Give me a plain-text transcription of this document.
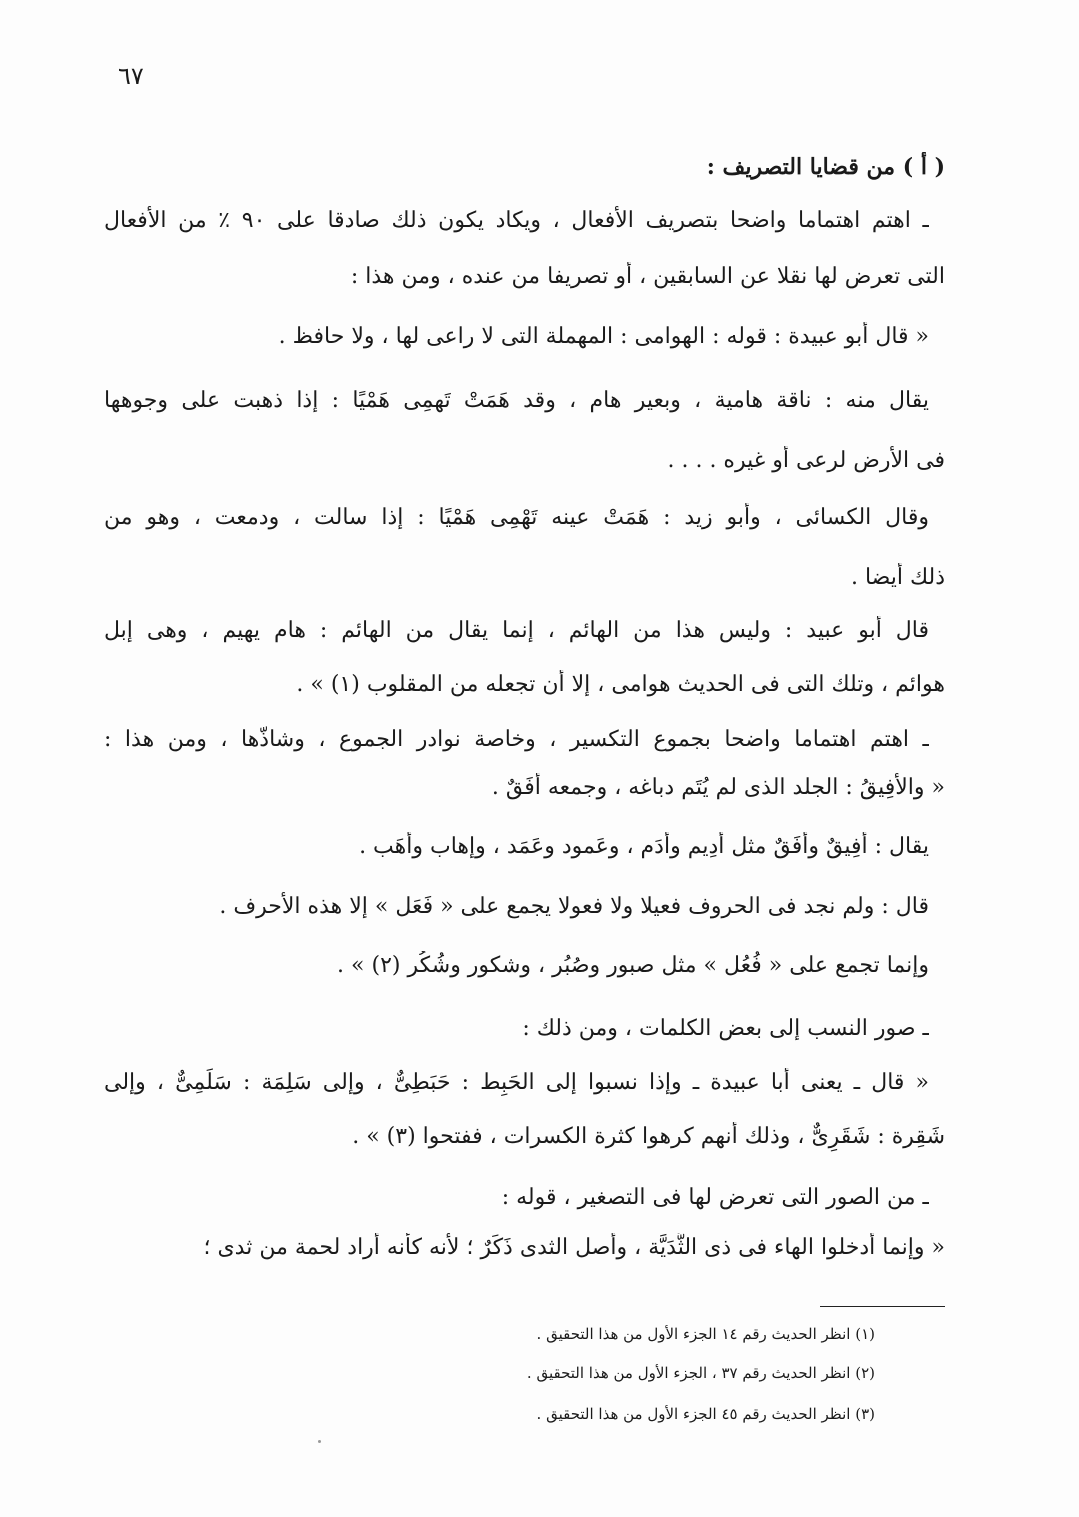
٦٧
( أ ) من قضايا التصريف :
ـ اهتم اهتماما واضحا بتصريف الأفعال ، ويكاد يكون ذلك صادقا على ٩٠ ٪ من الأفعال
التى تعرض لها نقلا عن السابقين ، أو تصريفا من عنده ، ومن هذا :
« قال أبو عبيدة : قوله : الهوامى : المهملة التى لا راعى لها ، ولا حافظ .
يقال منه : ناقة هامية ، وبعير هام ، وقد هَمَتْ تَهمِى هَمْيًا : إذا ذهبت على وجوهها
فى الأرض لرعى أو غيره . . . .
وقال الكسائى ، وأبو زيد : هَمَتْ عينه تَهْمِى هَمْيًا : إذا سالت ، ودمعت ، وهو من
ذلك أيضا .
قال أبو عبيد : وليس هذا من الهائم ، إنما يقال من الهائم : هام يهيم ، وهى إبل
هوائم ، وتلك التى فى الحديث هوامى ، إلا أن تجعله من المقلوب (١) » .
ـ اهتم اهتماما واضحا بجموع التكسير ، وخاصة نوادر الجموع ، وشاذّها ، ومن هذا :
« والأفِيقُ : الجلد الذى لم يُتَم دباغه ، وجمعه أَفَقٌ .
يقال : أَفِيقٌ وأَفَقٌ مثل أَدِيم وأَدَم ، وعَمود وعَمَد ، وإهاب وأَهَب .
قال : ولم نجد فى الحروف فعيلا ولا فعولا يجمع على « فَعَل » إلا هذه الأحرف .
وإنما تجمع على « فُعُل » مثل صبور وصُبُر ، وشكور وشُكُر (٢) » .
ـ صور النسب إلى بعض الكلمات ، ومن ذلك :
« قال ـ يعنى أبا عبيدة ـ وإذا نسبوا إلى الحَبِط : حَبَطِىٌّ ، وإلى سَلِمَة : سَلَمِىٌّ ، وإلى
شَقِرة : شَقَرِىٌّ ، وذلك أنهم كرهوا كثرة الكسرات ، ففتحوا (٣) » .
ـ من الصور التى تعرض لها فى التصغير ، قوله :
« وإنما أدخلوا الهاء فى ذى الثُّدَيَّة ، وأصل الثدى ذَكَرٌ ؛ لأنه كأنه أراد لحمة من ثدى ؛
(١) انظر الحديث رقم ١٤ الجزء الأول من هذا التحقيق .
(٢) انظر الحديث رقم ٣٧ ، الجزء الأول من هذا التحقيق .
(٣) انظر الحديث رقم ٤٥ الجزء الأول من هذا التحقيق .
